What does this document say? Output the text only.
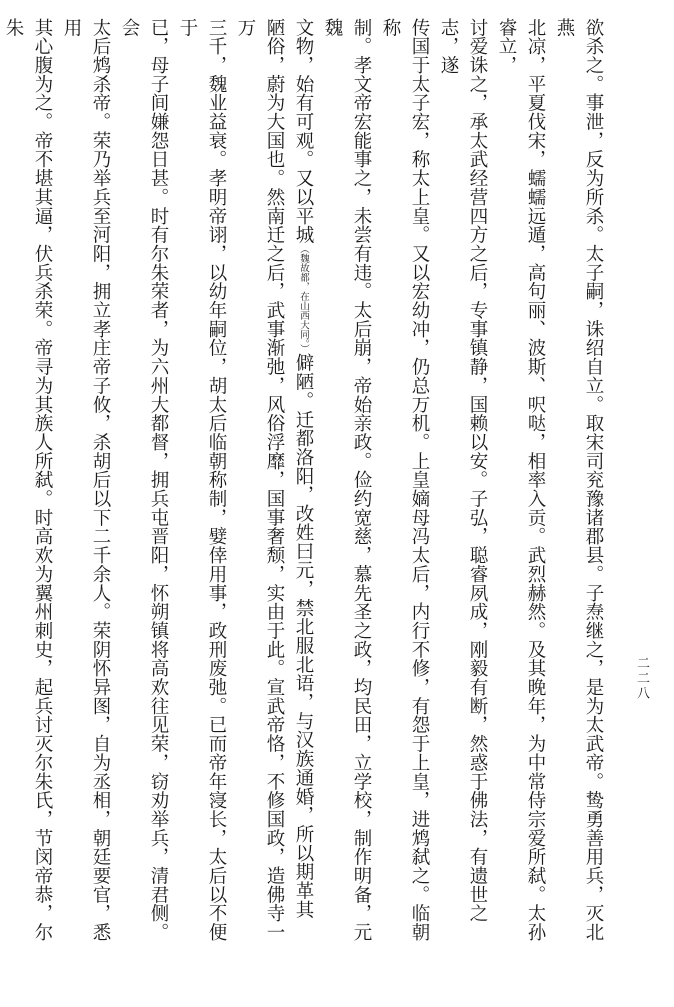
二二八
欲杀之。事泄，反为所杀。太子嗣，诛绍自立。取宋司兖豫诸郡县。子焘继之，是为太武帝。鸷勇善用兵，灭北燕
北凉，平夏伐宋，蠕蠕远遁，高句丽、波斯、呎哒，相率入贡。武烈赫然。及其晚年，为中常侍宗爱所弑。太孙睿立，
讨爱诛之，承太武经营四方之后，专事镇静，国赖以安。子弘，聪睿夙成，刚毅有断，然惑于佛法，有遗世之志，遂
传国于太子宏，称太上皇。又以宏幼冲，仍总万机。上皇嫡母冯太后，内行不修，有怨于上皇，进鸩弑之。临朝称
制。孝文帝宏能事之，未尝有违。太后崩，帝始亲政。俭约宽慈，慕先圣之政，均民田，立学校，制作明备，元魏
文物，始有可观。又以平城（魏故都，在山西大同。）僻陋。迁都洛阳，改姓曰元，禁北服北语，与汉族通婚，所以期革其
陋俗，蔚为大国也。然南迁之后，武事渐弛，风俗浮靡，国事奢颓，实由于此。宣武帝恪，不修国政，造佛寺一万
三千，魏业益衰。孝明帝诩，以幼年嗣位，胡太后临朝称制，嬖倖用事，政刑废弛。已而帝年寖长，太后以不便于
已，母子间嫌怨日甚。时有尔朱荣者，为六州大都督，拥兵屯晋阳，怀朔镇将高欢往见荣，窃劝举兵，清君侧。会
太后鸩杀帝。荣乃举兵至河阳，拥立孝庄帝子攸，杀胡后以下二千余人。荣阴怀异图，自为丞相，朝廷要官，悉用
其心腹为之。帝不堪其逼，伏兵杀荣。帝寻为其族人所弑。时高欢为翼州刺史，起兵讨灭尔朱氏，节闵帝恭，尔朱
